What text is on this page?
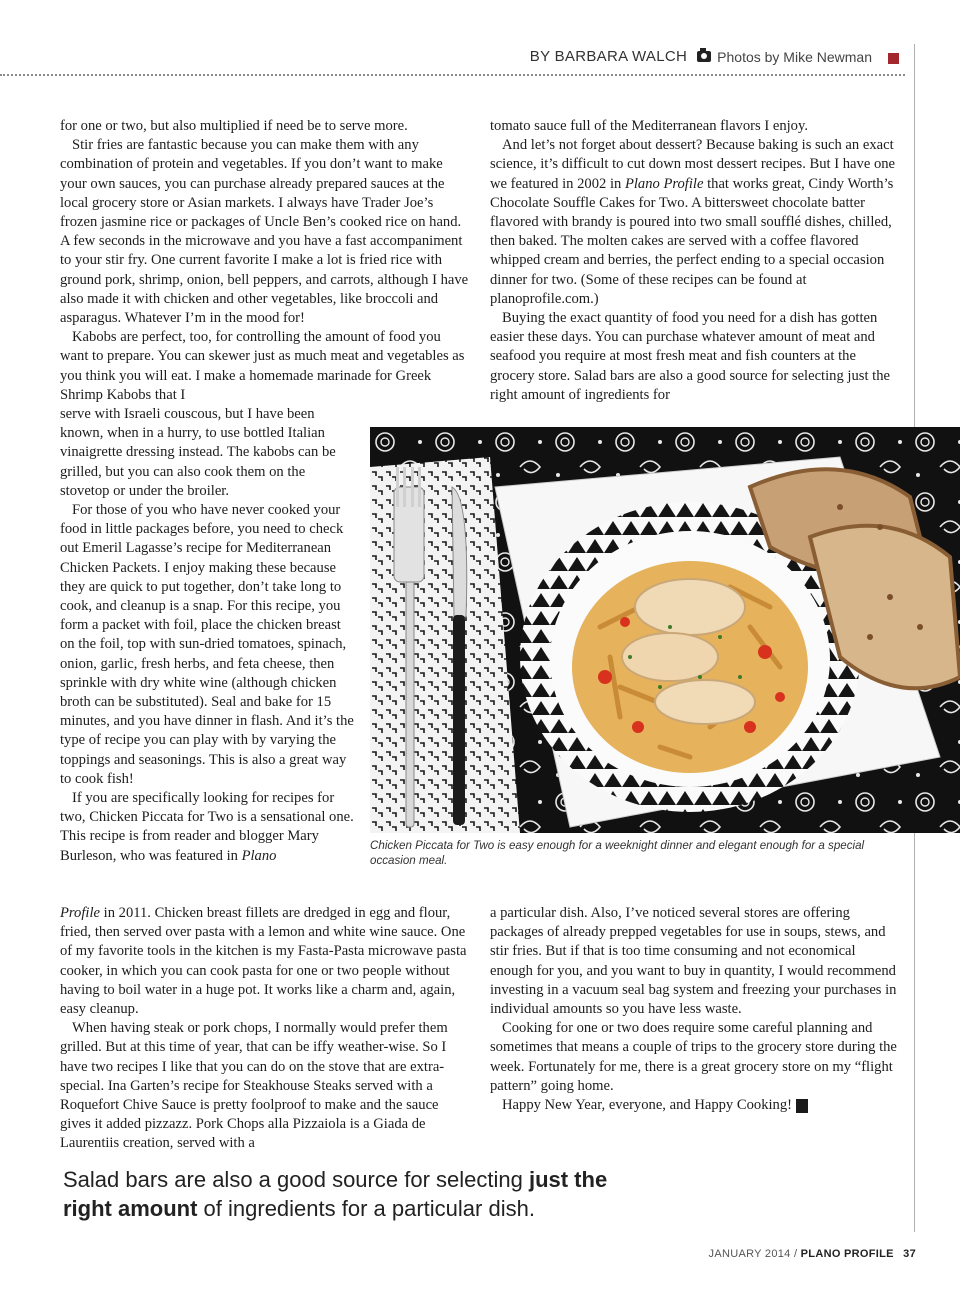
BY BARBARA WALCH Photos by Mike Newman

for one or two, but also multiplied if need be to serve more.

Stir fries are fantastic because you can make them with any combination of protein and vegetables. If you don’t want to make your own sauces, you can purchase already prepared sauces at the local grocery store or Asian markets. I always have Trader Joe’s frozen jasmine rice or packages of Uncle Ben’s cooked rice on hand. A few seconds in the microwave and you have a fast accompaniment to your stir fry. One current favorite I make a lot is fried rice with ground pork, shrimp, onion, bell peppers, and carrots, although I have also made it with chicken and other vegetables, like broccoli and asparagus. Whatever I’m in the mood for!

Kabobs are perfect, too, for controlling the amount of food you want to prepare. You can skewer just as much meat and vegetables as you think you will eat. I make a homemade marinade for Greek Shrimp Kabobs that I

serve with Israeli couscous, but I have been known, when in a hurry, to use bottled Italian vinaigrette dressing instead. The kabobs can be grilled, but you can also cook them on the stovetop or under the broiler.

For those of you who have never cooked your food in little packages before, you need to check out Emeril Lagasse’s recipe for Mediterranean Chicken Packets. I enjoy making these because they are quick to put together, don’t take long to cook, and cleanup is a snap. For this recipe, you form a packet with foil, place the chicken breast on the foil, top with sun-dried tomatoes, spinach, onion, garlic, fresh herbs, and feta cheese, then sprinkle with dry white wine (although chicken broth can be substituted). Seal and bake for 15 minutes, and you have dinner in flash. And it’s the type of recipe you can play with by varying the toppings and seasonings. This is also a great way to cook fish!

If you are specifically looking for recipes for two, Chicken Piccata for Two is a sensational one. This recipe is from reader and blogger Mary Burleson, who was featured in Plano

Profile in 2011. Chicken breast fillets are dredged in egg and flour, fried, then served over pasta with a lemon and white wine sauce. One of my favorite tools in the kitchen is my Fasta-Pasta microwave pasta cooker, in which you can cook pasta for one or two people without having to boil water in a huge pot. It works like a charm and, again, easy cleanup.

When having steak or pork chops, I normally would prefer them grilled. But at this time of year, that can be iffy weather-wise. So I have two recipes I like that you can do on the stove that are extra-special. Ina Garten’s recipe for Steakhouse Steaks served with a Roquefort Chive Sauce is pretty foolproof to make and the sauce gives it added pizzazz. Pork Chops alla Pizzaiola is a Giada de Laurentiis creation, served with a

tomato sauce full of the Mediterranean flavors I enjoy.

And let’s not forget about dessert? Because baking is such an exact science, it’s difficult to cut down most dessert recipes. But I have one we featured in 2002 in Plano Profile that works great, Cindy Worth’s Chocolate Souffle Cakes for Two. A bittersweet chocolate batter flavored with brandy is poured into two small soufflé dishes, chilled, then baked. The molten cakes are served with a coffee flavored whipped cream and berries, the perfect ending to a special occasion dinner for two. (Some of these recipes can be found at planoprofile.com.)

Buying the exact quantity of food you need for a dish has gotten easier these days. You can purchase whatever amount of meat and seafood you require at most fresh meat and fish counters at the grocery store. Salad bars are also a good source for selecting just the right amount of ingredients for

a particular dish. Also, I’ve noticed several stores are offering packages of already prepped vegetables for use in soups, stews, and stir fries. But if that is too time consuming and not economical enough for you, and you want to buy in quantity, I would recommend investing in a vacuum seal bag system and freezing your purchases in individual amounts so you have less waste.

Cooking for one or two does require some careful planning and sometimes that means a couple of trips to the grocery store during the week. Fortunately for me, there is a great grocery store on my “flight pattern” going home.

Happy New Year, everyone, and Happy Cooking! p

Chicken Piccata for Two is easy enough for a weeknight dinner and elegant enough for a special occasion meal.
Salad bars are also a good source for selecting just the right amount of ingredients for a particular dish.
JANUARY 2014 / PLANO PROFILE 37
